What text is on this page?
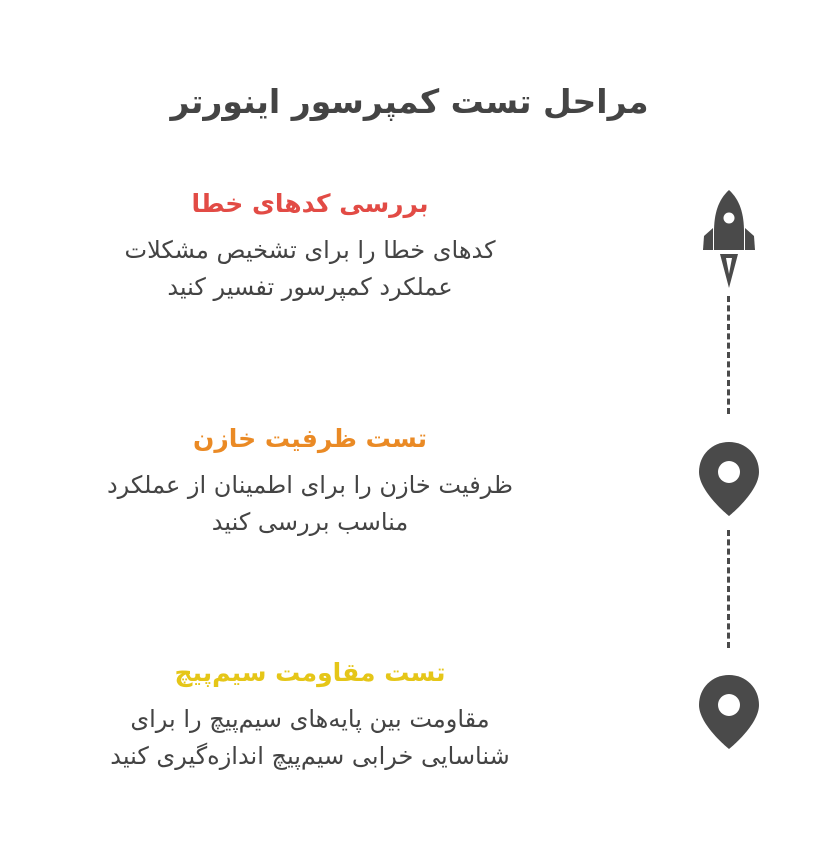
مراحل تست کمپرسور اینورتر
بررسی کدهای خطا
کدهای خطا را برای تشخیص مشکلات
عملکرد کمپرسور تفسیر کنید
تست ظرفیت خازن
ظرفیت خازن را برای اطمینان از عملکرد
مناسب بررسی کنید
تست مقاومت سیم‌پیچ
مقاومت بین پایه‌های سیم‌پیچ را برای
شناسایی خرابی سیم‌پیچ اندازه‌گیری کنید
